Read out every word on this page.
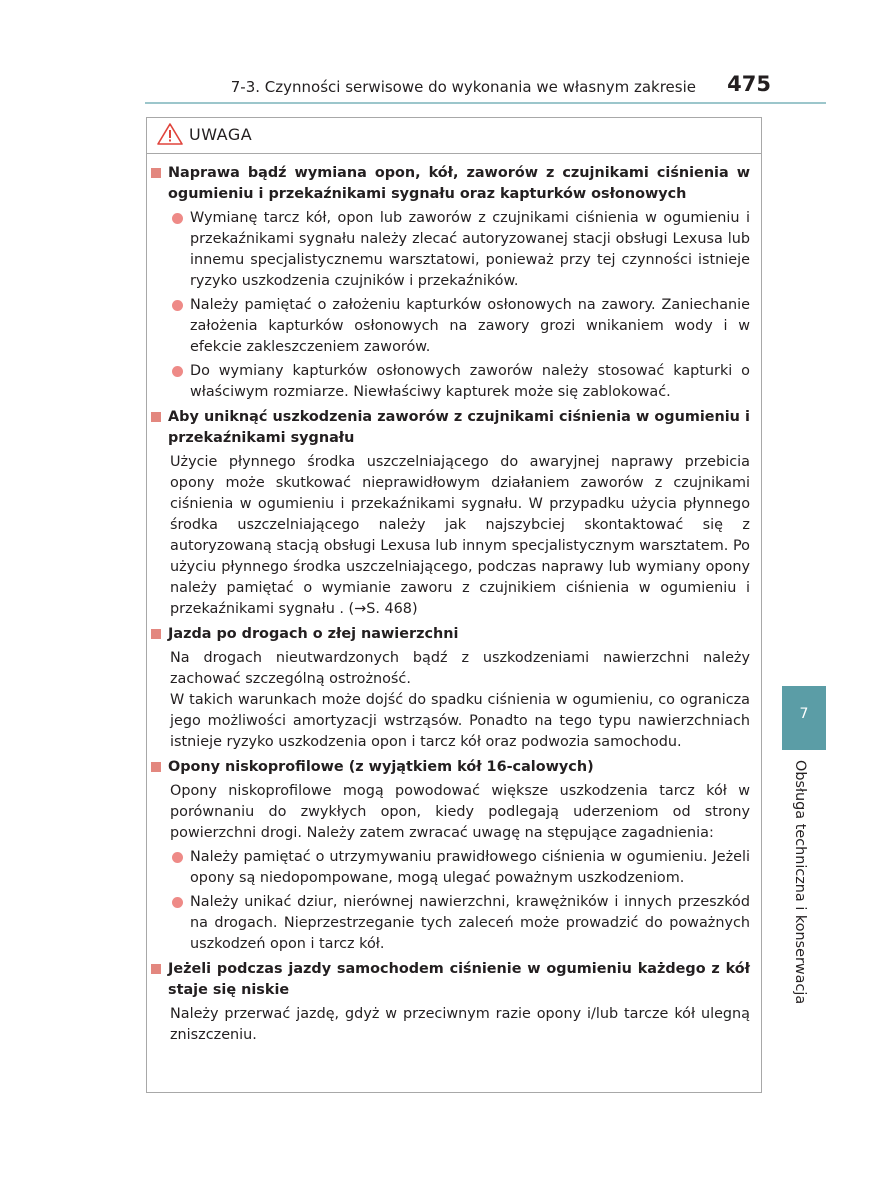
7-3. Czynności serwisowe do wykonania we własnym zakresie 475
UWAGA
Naprawa bądź wymiana opon, kół, zaworów z czujnikami ciśnienia w ogumieniu i przekaźnikami sygnału oraz kapturków osłonowych
Wymianę tarcz kół, opon lub zaworów z czujnikami ciśnienia w ogumieniu i przekaźnikami sygnału należy zlecać autoryzowanej stacji obsługi Lexusa lub innemu specjalistycznemu warsztatowi, ponieważ przy tej czynności istnieje ryzyko uszkodzenia czujników i przekaźników.
Należy pamiętać o założeniu kapturków osłonowych na zawory. Zaniechanie założenia kapturków osłonowych na zawory grozi wnikaniem wody i w efekcie zakleszczeniem zaworów.
Do wymiany kapturków osłonowych zaworów należy stosować kapturki o właściwym rozmiarze. Niewłaściwy kapturek może się zablokować.
Aby uniknąć uszkodzenia zaworów z czujnikami ciśnienia w ogumieniu i przekaźnikami sygnału
Użycie płynnego środka uszczelniającego do awaryjnej naprawy przebicia opony może skutkować nieprawidłowym działaniem zaworów z czujnikami ciśnienia w ogumieniu i przekaźnikami sygnału. W przypadku użycia płynnego środka uszczelniającego należy jak najszybciej skontaktować się z autoryzowaną stacją obsługi Lexusa lub innym specjalistycznym warsztatem. Po użyciu płynnego środka uszczelniającego, podczas naprawy lub wymiany opony należy pamiętać o wymianie zaworu z czujnikiem ciśnienia w ogumieniu i przekaźnikami sygnału . (→S. 468)
Jazda po drogach o złej nawierzchni
Na drogach nieutwardzonych bądź z uszkodzeniami nawierzchni należy zachować szczególną ostrożność.
W takich warunkach może dojść do spadku ciśnienia w ogumieniu, co ogranicza jego możliwości amortyzacji wstrząsów. Ponadto na tego typu nawierzchniach istnieje ryzyko uszkodzenia opon i tarcz kół oraz podwozia samochodu.
Opony niskoprofilowe (z wyjątkiem kół 16-calowych)
Opony niskoprofilowe mogą powodować większe uszkodzenia tarcz kół w porównaniu do zwykłych opon, kiedy podlegają uderzeniom od strony powierzchni drogi. Należy zatem zwracać uwagę na stępujące zagadnienia:
Należy pamiętać o utrzymywaniu prawidłowego ciśnienia w ogumieniu. Jeżeli opony są niedopompowane, mogą ulegać poważnym uszkodzeniom.
Należy unikać dziur, nierównej nawierzchni, krawężników i innych przeszkód na drogach. Nieprzestrzeganie tych zaleceń może prowadzić do poważnych uszkodzeń opon i tarcz kół.
Jeżeli podczas jazdy samochodem ciśnienie w ogumieniu każdego z kół staje się niskie
Należy przerwać jazdę, gdyż w przeciwnym razie opony i/lub tarcze kół ulegną zniszczeniu.
7
Obsługa techniczna i konserwacja
